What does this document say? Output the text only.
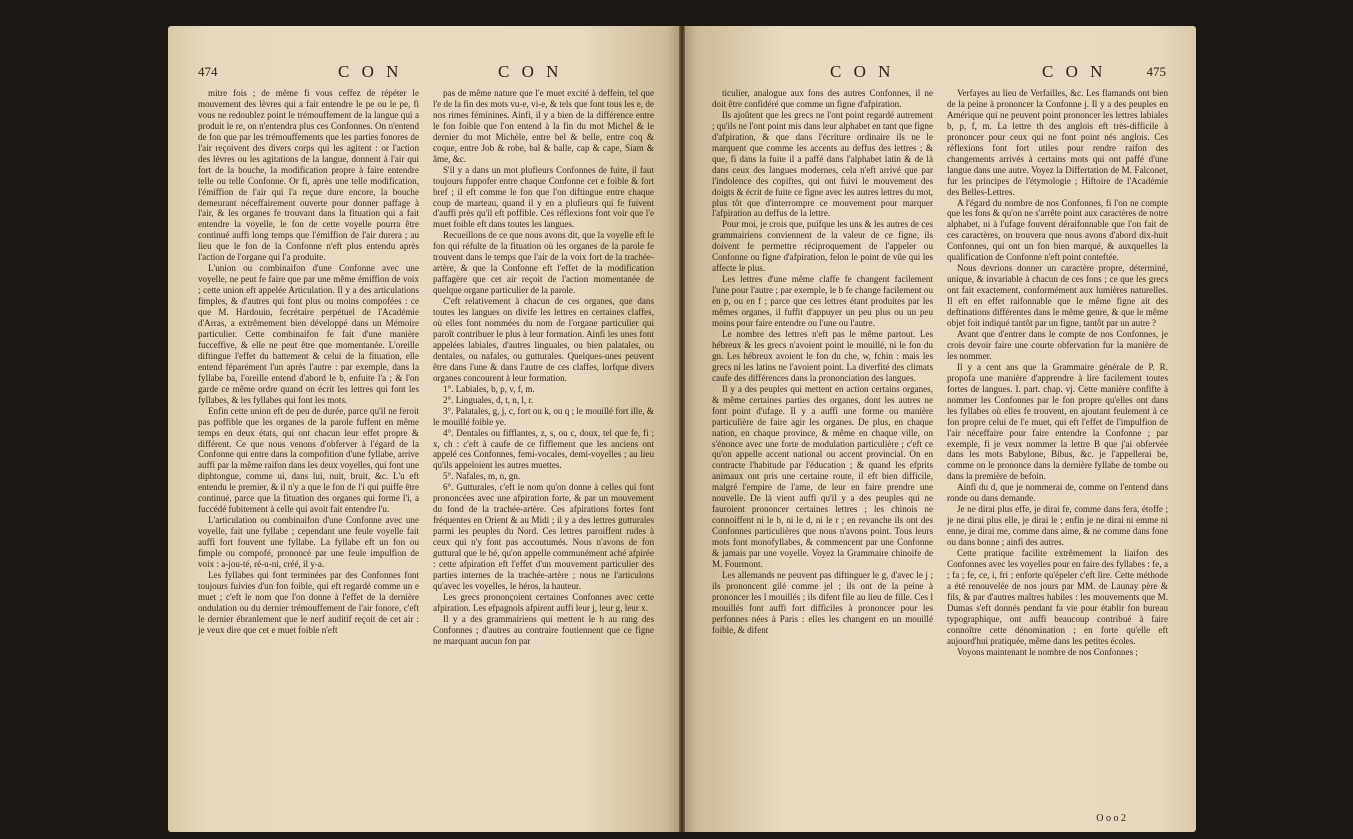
474	C O N	C O N

mitre fois ; de même fi vous ceffez de répéter le mouvement des lèvres qui a fait entendre le pe ou le pe, fi vous ne redoublez point le trémouffement de la langue qui a produit le re, on n'entendra plus ces Confonnes. On n'entend de fon que par les trémouffements que les parties fonores de l'air reçoivent des divers corps qui les agitent : or l'action des lèvres ou les agitations de la langue, donnent à l'air qui fort de la bouche, la modification propre à faire entendre telle ou telle Confonne. Or fi, après une telle modification, l'émiffion de l'air qui l'a reçue dure encore, la bouche demeurant néceffairement ouverte pour donner paffage à l'air, & les organes fe trouvant dans la fituation qui a fait entendre la voyelle, le fon de cette voyelle pourra être continué auffi long temps que l'émiffion de l'air durera ; au lieu que le fon de la Confonne n'eft plus entendu après l'action de l'organe qui l'a produite.

L'union ou combinaifon d'une Confonne avec une voyelle, ne peut fe faire que par une même émiffion de voix ; cette union eft appelée Articulation. Il y a des articulations fimples, & d'autres qui font plus ou moins compofées : ce que M. Hardouin, fecrétaire perpétuel de l'Académie d'Arras, a extrêmement bien développé dans un Mémoire particulier. Cette combinaifon fe fait d'une manière fucceffive, & elle ne peut être que momentanée. L'oreille diftingue l'effet du battement & celui de la fituation, elle entend féparément l'un après l'autre : par exemple, dans la fyllabe ba, l'oreille entend d'abord le b, enfuite l'a ; & l'on garde ce même ordre quand on écrit les lettres qui font les fyllabes, & les fyllabes qui font les mots.

Enfin cette union eft de peu de durée, parce qu'il ne feroit pas poffible que les organes de la parole fuffent en même temps en deux états, qui ont chacun leur effet propre & différent. Ce que nous venons d'obferver à l'égard de la Confonne qui entre dans la compofition d'une fyllabe, arrive auffi par la même raifon dans les deux voyelles, qui font une diphtongue, comme ui, dans lui, nuit, bruit, &c. L'u eft entendu le premier, & il n'y a que le fon de l'i qui puiffe être continué, parce que la fituation des organes qui forme l'i, a fuccédé fubitement à celle qui avoit fait entendre l'u.

L'articulation ou combinaifon d'une Confonne avec une voyelle, fait une fyllabe ; cependant une feule voyelle fait auffi fort fouvent une fyllabe. La fyllabe eft un fon ou fimple ou compofé, prononcé par une feule impulfion de voix : a-jou-té, ré-u-ni, créé, il y-a.

Les fyllabes qui font terminées par des Confonnes font toujours fuivies d'un fon foible, qui eft regardé comme un e muet ; c'eft le nom que l'on donne à l'effet de la dernière ondulation ou du dernier trémouffement de l'air fonore, c'eft le dernier ébranlement que le nerf auditif reçoit de cet air : je veux dire que cet e muet foible n'eft

pas de même nature que l'e muet excité à deffein, tel que l'e de la fin des mots vu-e, vi-e, & tels que font tous les e, de nos rimes féminines. Ainfi, il y a bien de la différence entre le fon foible que l'on entend à la fin du mot Michel & le dernier du mot Michèle, entre bel & belle, entre coq & coque, entre Job & robe, bal & balle, cap & cape, Siam & âme, &c.

S'il y a dans un mot plufieurs Confonnes de fuite, il faut toujours fuppofer entre chaque Confonne cet e foible & fort bref ; il eft comme le fon que l'on diftingue entre chaque coup de marteau, quand il y en a plufieurs qui fe fuivent d'auffi près qu'il eft poffible. Ces réflexions font voir que l'e muet foible eft dans toutes les langues.

Recueillons de ce que nous avons dit, que la voyelle eft le fon qui réfulte de la fituation où les organes de la parole fe trouvent dans le temps que l'air de la voix fort de la trachée-artère, & que la Confonne eft l'effet de la modification paffagère que cet air reçoit de l'action momentanée de quelque organe particulier de la parole.

C'eft relativement à chacun de ces organes, que dans toutes les langues on divife les lettres en certaines claffes, où elles font nommées du nom de l'organe particulier qui paroît contribuer le plus à leur formation. Ainfi les unes font appelées labiales, d'autres linguales, ou bien palatales, ou dentales, ou nafales, ou gutturales. Quelques-unes peuvent être dans l'une & dans l'autre de ces claffes, lorfque divers organes concourent à leur formation.

1°. Labiales, b, p, v, f, m.

2°. Linguales, d, t, n, l, r.

3°. Palatales, g, j, c, fort ou k, ou q ; le mouillé fort ille, & le mouillé foible ye.

4°. Dentales ou fifflantes, z, s, ou c, doux, tel que fe, fi ; x, ch : c'eft à caufe de ce fifflement que les anciens ont appelé ces Confonnes, femi-vocales, demi-voyelles ; au lieu qu'ils appeloient les autres muettes.

5°. Nafales, m, n, gn.

6°. Gutturales, c'eft le nom qu'on donne à celles qui font prononcées avec une afpiration forte, & par un mouvement du fond de la trachée-artère. Ces afpirations fortes font fréquentes en Orient & au Midi ; il y a des lettres gutturales parmi les peuples du Nord. Ces lettres paroiffent rudes à ceux qui n'y font pas accoutumés. Nous n'avons de fon guttural que le hé, qu'on appelle communément aché afpirée : cette afpiration eft l'effet d'un mouvement particulier des parties internes de la trachée-artère ; nous ne l'articulons qu'avec les voyelles, le héros, la hauteur.

Les grecs prononçoient certaines Confonnes avec cette afpiration. Les efpagnols afpirent auffi leur j, leur g, leur x.

Il y a des grammairiens qui mettent le h au rang des Confonnes ; d'autres au contraire foutiennent que ce figne ne marquant aucun fon par

C O N	C O N	475

ticulier, analogue aux fons des autres Confonnes, il ne doit être confidéré que comme un figne d'afpiration.

Ils ajoûtent que les grecs ne l'ont point regardé autrement ; qu'ils ne l'ont point mis dans leur alphabet en tant que figne d'afpiration, & que dans l'écriture ordinaire ils ne le marquent que comme les accents au deffus des lettres ; & que, fi dans la fuite il a paffé dans l'alphabet latin & de là dans ceux des langues modernes, cela n'eft arrivé que par l'indolence des copiftes, qui ont fuivi le mouvement des doigts & écrit de fuite ce figne avec les autres lettres du mot, plus tôt que d'interrompre ce mouvement pour marquer l'afpiration au deffus de la lettre.

Pour moi, je crois que, puifque les uns & les autres de ces grammairiens conviennent de la valeur de ce figne, ils doivent fe permettre réciproquement de l'appeler ou Confonne ou figne d'afpiration, felon le point de vûe qui les affecte le plus.

Les lettres d'une même claffe fe changent facilement l'une pour l'autre ; par exemple, le b fe change facilement ou en p, ou en f ; parce que ces lettres étant produites par les mêmes organes, il fuffit d'appuyer un peu plus ou un peu moins pour faire entendre ou l'une ou l'autre.

Le nombre des lettres n'eft pas le même partout. Les hébreux & les grecs n'avoient point le mouillé, ni le fon du gn. Les hébreux avoient le fon du che, w, fchin : mais les grecs ni les latins ne l'avoient point. La diverfité des climats caufe des différences dans la prononciation des langues.

Il y a des peuples qui mettent en action certains organes, & même certaines parties des organes, dont les autres ne font point d'ufage. Il y a auffi une forme ou manière particulière de faire agir les organes. De plus, en chaque nation, en chaque province, & même en chaque ville, on s'énonce avec une forte de modulation particulière ; c'eft ce qu'on appelle accent national ou accent provincial. On en contracte l'habitude par l'éducation ; & quand les efprits animaux ont pris une certaine route, il eft bien difficile, malgré l'empire de l'ame, de leur en faire prendre une nouvelle. De là vient auffi qu'il y a des peuples qui ne fauroient prononcer certaines lettres ; les chinois ne connoiffent ni le b, ni le d, ni le r ; en revanche ils ont des Confonnes particulières que nous n'avons point. Tous leurs mots font monofyllabes, & commencent par une Confonne & jamais par une voyelle. Voyez la Grammaire chinoife de M. Fourmont.

Les allemands ne peuvent pas diftinguer le g, d'avec le j ; ils prononcent gilé comme jel ; ils ont de la peine à prononcer les l mouillés ; ils difent file au lieu de fille. Ces l mouillés font auffi fort difficiles à prononcer pour les perfonnes nées à Paris : elles les changent en un mouillé foible, & difent

Verfayes au lieu de Verfailles, &c. Les flamands ont bien de la peine à prononcer la Confonne j. Il y a des peuples en Amérique qui ne peuvent point prononcer les lettres labiales b, p, f, m. La lettre th des anglois eft très-difficile à prononcer pour ceux qui ne font point nés anglois. Ces réflexions font fort utiles pour rendre raifon des changements arrivés à certains mots qui ont paffé d'une langue dans une autre. Voyez la Differtation de M. Falconet, fur les principes de l'étymologie ; Hiftoire de l'Académie des Belles-Lettres.

A l'égard du nombre de nos Confonnes, fi l'on ne compte que les fons & qu'on ne s'arrête point aux caractères de notre alphabet, ni à l'ufage fouvent déraifonnable que l'on fait de ces caractères, on trouvera que nous avons d'abord dix-huit Confonnes, qui ont un fon bien marqué, & auxquelles la qualification de Confonne n'eft point conteftée.

Nous devrions donner un caractère propre, déterminé, unique, & invariable à chacun de ces fons ; ce que les grecs ont fait exactement, conformément aux lumières naturelles. Il eft en effet raifonnable que le même figne ait des deftinations différentes dans le même genre, & que le même objet foit indiqué tantôt par un figne, tantôt par un autre ?

Avant que d'entrer dans le compte de nos Confonnes, je crois devoir faire une courte obfervation fur la manière de les nommer.

Il y a cent ans que la Grammaire générale de P. R. propofa une manière d'apprendre à lire facilement toutes fortes de langues. I. part. chap. vj. Cette manière confifte à nommer les Confonnes par le fon propre qu'elles ont dans les fyllabes où elles fe trouvent, en ajoutant feulement à ce fon propre celui de l'e muet, qui eft l'effet de l'impulfion de l'air néceffaire pour faire entendre la Confonne ; par exemple, fi je veux nommer la lettre B que j'ai obfervée dans les mots Babylone, Bibus, &c. je l'appellerai be, comme on le prononce dans la dernière fyllabe de tombe ou dans la première de befoin.

Ainfi du d, que je nommerai de, comme on l'entend dans ronde ou dans demande.

Je ne dirai plus effe, je dirai fe, comme dans fera, étoffe ; je ne dirai plus elle, je dirai le ; enfin je ne dirai ni emme ni enne, je dirai me, comme dans aime, & ne comme dans fone ou dans bonne ; ainfi des autres.

Cette pratique facilite extrêmement la liaifon des Confonnes avec les voyelles pour en faire des fyllabes : fe, a ; fa ; fe, ce, i, fri ; enforte qu'épeler c'eft lire. Cette méthode a été renouvelée de nos jours par MM. de Launay père & fils, & par d'autres maîtres habiles : les mouvements que M. Dumas s'eft donnés pendant fa vie pour établir fon bureau typographique, ont auffi beaucoup contribué à faire connoître cette dénomination ; en forte qu'elle eft aujourd'hui pratiquée, même dans les petites écoles.

Voyons maintenant le nombre de nos Confonnes ;

O o o 2
